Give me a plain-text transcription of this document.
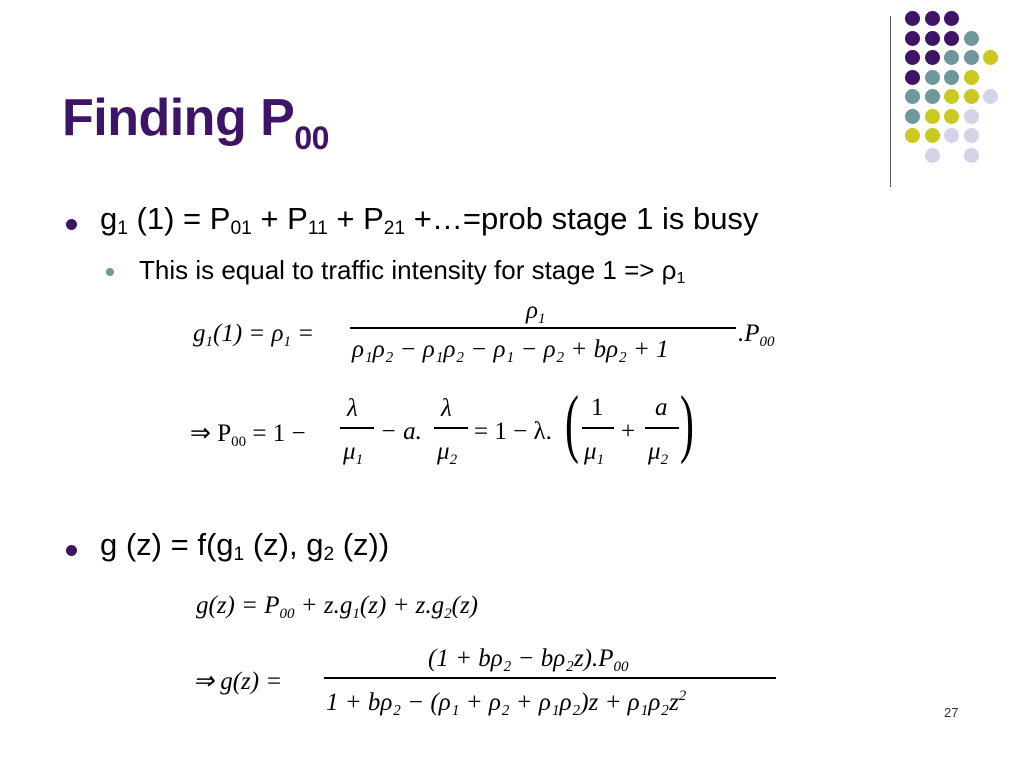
Finding $P_{00}$
$g_1$ $(1) = P_{01} + P_{11} + P_{21}$ +…=prob stage 1 is busy
This is equal to traffic intensity for stage $1 => \rho_1$
$g_1(1) = \rho_1$ =
$\rho_1$
ρ₁ρ₂ − ρ₁ρ₂ − ρ₁ − ρ₂ + bρ₂ + 1
$.P_{00}$
⇒ $P_{00} = 1$ −
λ
$\mu_1$
− a.
λ
$\mu_2$
= 1 − λ. ( )
1
$\mu_1$
+
a
$\mu_2$
g $(z) = f(g_1$ (z), $g_2$ (z))
$g(z) = P_{00} + z.g_1(z) + z.g_2(z)$
⇒ g(z) =
$(1 + b\rho_2 - b\rho_2z).P_{00}$
$1 + b\rho_2 - (\rho_1 + \rho_2 + \rho_1\rho_2)z + \rho_1\rho_2z^2$
27
